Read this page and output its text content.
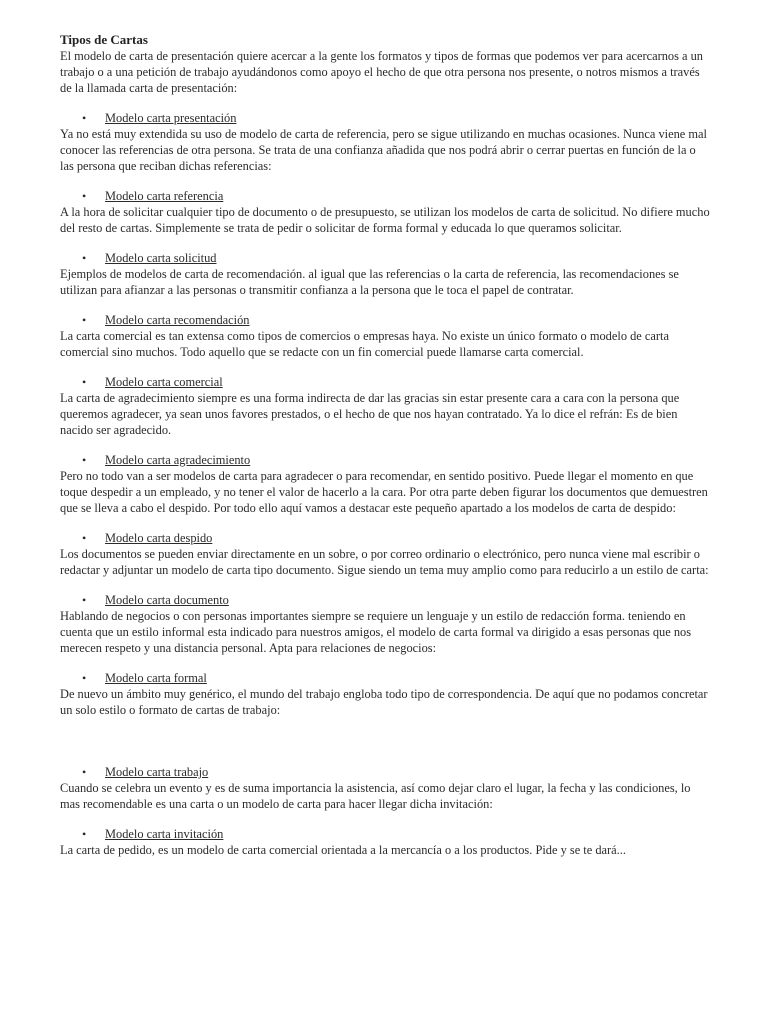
Tipos de Cartas

El modelo de carta de presentación quiere acercar a la gente los formatos y tipos de formas que podemos ver para acercarnos a un trabajo o a una petición de trabajo ayudándonos como apoyo el hecho de que otra persona nos presente, o notros mismos a través de la llamada carta de presentación:

•	Modelo carta presentación

Ya no está muy extendida su uso de modelo de carta de referencia, pero se sigue utilizando en muchas ocasiones. Nunca viene mal conocer las referencias de otra persona. Se trata de una confianza añadida que nos podrá abrir o cerrar puertas en función de la o las persona que reciban dichas referencias:

•	Modelo carta referencia

A la hora de solicitar cualquier tipo de documento o de presupuesto, se utilizan los modelos de carta de solicitud. No difiere mucho del resto de cartas. Simplemente se trata de pedir o solicitar de forma formal y educada lo que queramos solicitar.

•	Modelo carta solicitud

Ejemplos de modelos de carta de recomendación. al igual que las referencias o la carta de referencia, las recomendaciones se utilizan para afianzar a las personas o transmitir confianza a la persona que le toca el papel de contratar.

•	Modelo carta recomendación

La carta comercial es tan extensa como tipos de comercios o empresas haya. No existe un único formato o modelo de carta comercial sino muchos. Todo aquello que se redacte con un fin comercial puede llamarse carta comercial.

•	Modelo carta comercial

La carta de agradecimiento siempre es una forma indirecta de dar las gracias sin estar presente cara a cara con la persona que queremos agradecer, ya sean unos favores prestados, o el hecho de que nos hayan contratado. Ya lo dice el refrán: Es de bien nacido ser agradecido.

•	Modelo carta agradecimiento

Pero no todo van a ser modelos de carta para agradecer o para recomendar, en sentido positivo. Puede llegar el momento en que toque despedir a un empleado, y no tener el valor de hacerlo a la cara. Por otra parte deben figurar los documentos que demuestren que se lleva a cabo el despido. Por todo ello aquí vamos a destacar este pequeño apartado a los modelos de carta de despido:

•	Modelo carta despido

Los documentos se pueden enviar directamente en un sobre, o por correo ordinario o electrónico, pero nunca viene mal escribir o redactar y adjuntar un modelo de carta tipo documento. Sigue siendo un tema muy amplio como para reducirlo a un estilo de carta:

•	Modelo carta documento

Hablando de negocios o con personas importantes siempre se requiere un lenguaje y un estilo de redacción forma. teniendo en cuenta que un estilo informal esta indicado para nuestros amigos, el modelo de carta formal va dirigido a esas personas que nos merecen respeto y una distancia personal. Apta para relaciones de negocios:

•	Modelo carta formal

De nuevo un ámbito muy genérico, el mundo del trabajo engloba todo tipo de correspondencia. De aquí que no podamos concretar un solo estilo o formato de cartas de trabajo:

•	Modelo carta trabajo

Cuando se celebra un evento y es de suma importancia la asistencia, así como dejar claro el lugar, la fecha y las condiciones, lo mas recomendable es una carta o un modelo de carta para hacer llegar dicha invitación:

•	Modelo carta invitación

La carta de pedido, es un modelo de carta comercial orientada a la mercancía o a los productos. Pide y se te dará...
